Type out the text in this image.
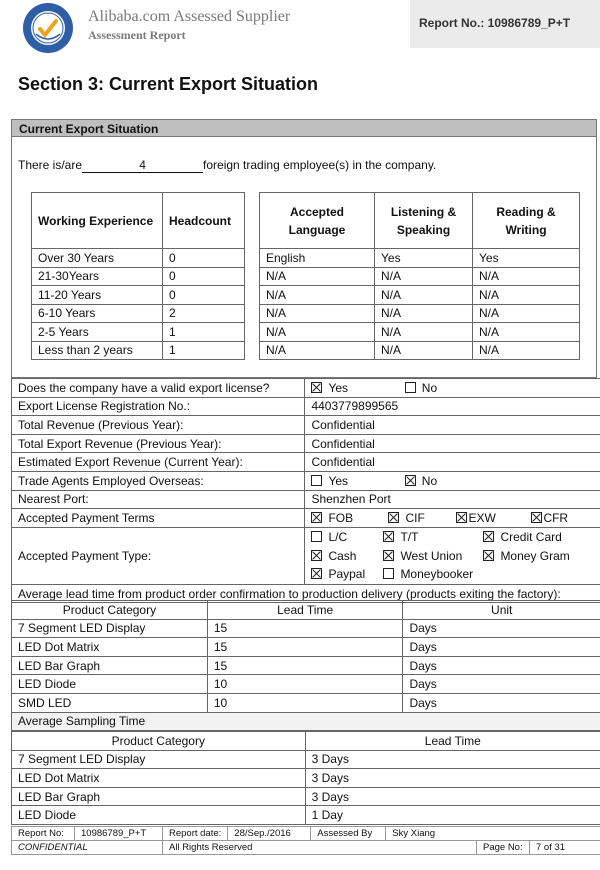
Alibaba.com Assessed Supplier
Assessment Report
Report No.: 10986789_P+T
Section 3: Current Export Situation
Current Export Situation
There is/are	4	foreign trading employee(s) in the company.
Working Experience	Headcount
Over 30 Years	0
21-30Years	0
11-20 Years	0
6-10 Years	2
2-5 Years	1
Less than 2 years	1
Accepted Language	Listening & Speaking	Reading & Writing
English	Yes	Yes
N/A	N/A	N/A
N/A	N/A	N/A
N/A	N/A	N/A
N/A	N/A	N/A
N/A	N/A	N/A
Does the company have a valid export license?	Yes No
Export License Registration No.:	4403779899565
Total Revenue (Previous Year):	Confidential
Total Export Revenue (Previous Year):	Confidential
Estimated Export Revenue (Current Year):	Confidential
Trade Agents Employed Overseas:	Yes No
Nearest Port:	Shenzhen Port
Accepted Payment Terms	FOB CIF EXW CFR
Accepted Payment Type:	L/C T/T Credit Card
Cash West Union Money Gram
Paypal Moneybooker

Average lead time from product order confirmation to production delivery (products exiting the factory):	
Product Category	Lead Time	Unit
7 Segment LED Display	15	Days
LED Dot Matrix	15	Days
LED Bar Graph	15	Days
LED Diode	10	Days
SMD LED	10	Days
Average Sampling Time		
Product Category	Lead Time
7 Segment LED Display	3 Days
LED Dot Matrix	3 Days
LED Bar Graph	3 Days
LED Diode	1 Day
Report No:	10986789_P+T	Report date:	28/Sep./2016	Assessed By	Sky Xiang		
CONFIDENTIAL		All Rights Reserved				Page No:	7 of 31
